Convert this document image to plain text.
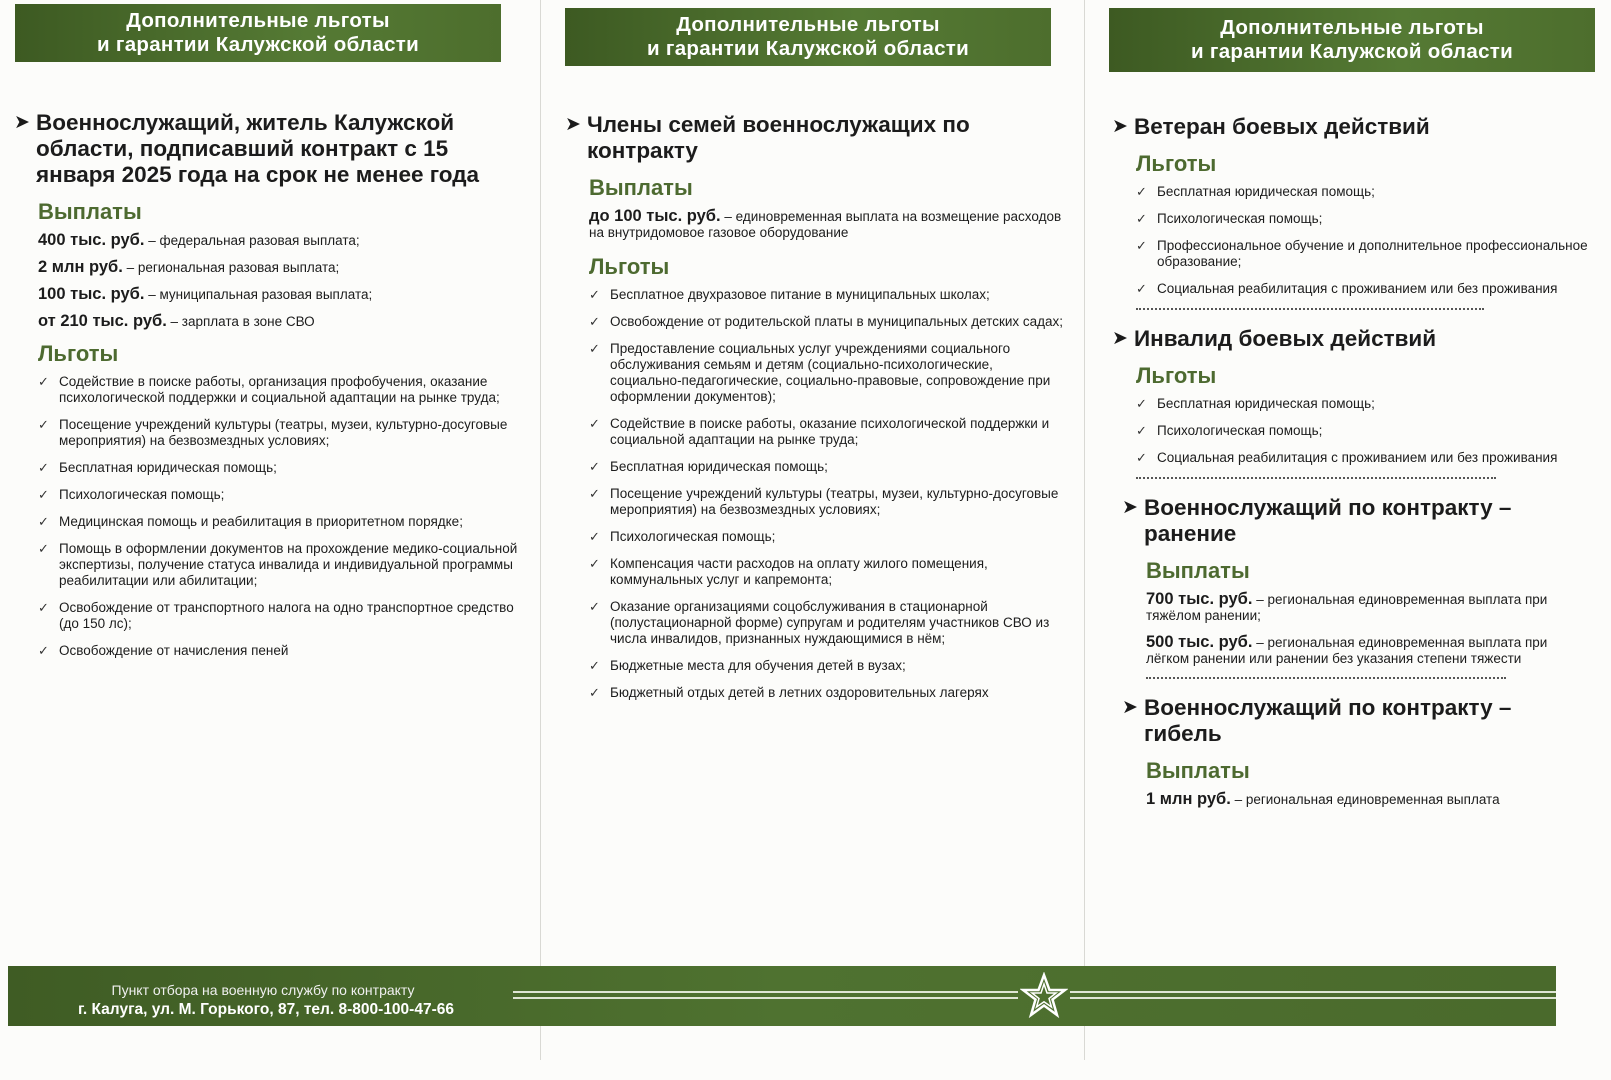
Дополнительные льготы
и гарантии Калужской области
➤ Военнослужащий, житель Калужской области, подписавший контракт с 15 января 2025 года на срок не менее года
Выплаты
400 тыс. руб. – федеральная разовая выплата;
2 млн руб. – региональная разовая выплата;
100 тыс. руб. – муниципальная разовая выплата;
от 210 тыс. руб. – зарплата в зоне СВО
Льготы
✓ Содействие в поиске работы, организация профобучения, оказание психологической поддержки и социальной адаптации на рынке труда;
✓ Посещение учреждений культуры (театры, музеи, культурно-досуговые мероприятия) на безвозмездных условиях;
✓ Бесплатная юридическая помощь;
✓ Психологическая помощь;
✓ Медицинская помощь и реабилитация в приоритетном порядке;
✓ Помощь в оформлении документов на прохождение медико-социальной экспертизы, получение статуса инвалида и индивидуальной программы реабилитации или абилитации;
✓ Освобождение от транспортного налога на одно транспортное средство (до 150 лс);
✓ Освобождение от начисления пеней
Дополнительные льготы
и гарантии Калужской области
➤ Члены семей военнослужащих по контракту
Выплаты
до 100 тыс. руб. – единовременная выплата на возмещение расходов на внутридомовое газовое оборудование
Льготы
✓ Бесплатное двухразовое питание в муниципальных школах;
✓ Освобождение от родительской платы в муниципальных детских садах;
✓ Предоставление социальных услуг учреждениями социального обслуживания семьям и детям (социально-психологические, социально-педагогические, социально-правовые, сопровождение при оформлении документов);
✓ Содействие в поиске работы, оказание психологической поддержки и социальной адаптации на рынке труда;
✓ Бесплатная юридическая помощь;
✓ Посещение учреждений культуры (театры, музеи, культурно-досуговые мероприятия) на безвозмездных условиях;
✓ Психологическая помощь;
✓ Компенсация части расходов на оплату жилого помещения, коммунальных услуг и капремонта;
✓ Оказание организациями соцобслуживания в стационарной (полустационарной форме) супругам и родителям участников СВО из числа инвалидов, признанных нуждающимися в нём;
✓ Бюджетные места для обучения детей в вузах;
✓ Бюджетный отдых детей в летних оздоровительных лагерях
Дополнительные льготы
и гарантии Калужской области
➤ Ветеран боевых действий
Льготы
✓ Бесплатная юридическая помощь;
✓ Психологическая помощь;
✓ Профессиональное обучение и дополнительное профессиональное образование;
✓ Социальная реабилитация с проживанием или без проживания
➤ Инвалид боевых действий
Льготы
✓ Бесплатная юридическая помощь;
✓ Психологическая помощь;
✓ Социальная реабилитация с проживанием или без проживания
➤ Военнослужащий по контракту – ранение
Выплаты
700 тыс. руб. – региональная единовременная выплата при тяжёлом ранении;
500 тыс. руб. – региональная единовременная выплата при лёгком ранении или ранении без указания степени тяжести
➤ Военнослужащий по контракту – гибель
Выплаты
1 млн руб. – региональная единовременная выплата
Пункт отбора на военную службу по контракту
г. Калуга, ул. М. Горького, 87, тел. 8-800-100-47-66
